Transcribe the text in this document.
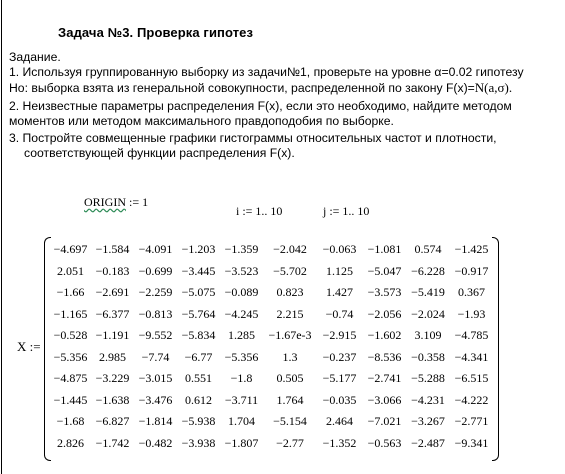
Задача №3. Проверка гипотез
Задание.
1. Используя группированную выборку из задачи№1, проверьте на уровне α=0.02 гипотезу
Но: выборка взята из генеральной совокупности, распределенной по закону F(x)=N(a,σ).
2. Неизвестные параметры распределения F(x), если это необходимо, найдите методом
моментов или методом максимального правдоподобия по выборке.
3. Постройте совмещенные графики гистограммы относительных частот и плотности,
соответствующей функции распределения F(x).
ORIGIN := 1
i := 1.. 10	j := 1.. 10
X :=
−4.697	−1.584	−4.091	−1.203	−1.359	−2.042	−0.063	−1.081	0.574	−1.425
2.051	−0.183	−0.699	−3.445	−3.523	−5.702	1.125	−5.047	−6.228	−0.917
−1.66	−2.691	−2.259	−5.075	−0.089	0.823	1.427	−3.573	−5.419	0.367
−1.165	−6.377	−0.813	−5.764	−4.245	2.215	−0.74	−2.056	−2.024	−1.93
−0.528	−1.191	−9.552	−5.834	1.285	−1.67e-3	−2.915	−1.602	3.109	−4.785
−5.356	2.985	−7.74	−6.77	−5.356	1.3	−0.237	−8.536	−0.358	−4.341
−4.875	−3.229	−3.015	0.551	−1.8	0.505	−5.177	−2.741	−5.288	−6.515
−1.445	−1.638	−3.476	0.612	−3.711	1.764	−0.035	−3.066	−4.231	−4.222
−1.68	−6.827	−1.814	−5.938	1.704	−5.154	2.464	−7.021	−3.267	−2.771
2.826	−1.742	−0.482	−3.938	−1.807	−2.77	−1.352	−0.563	−2.487	−9.341
